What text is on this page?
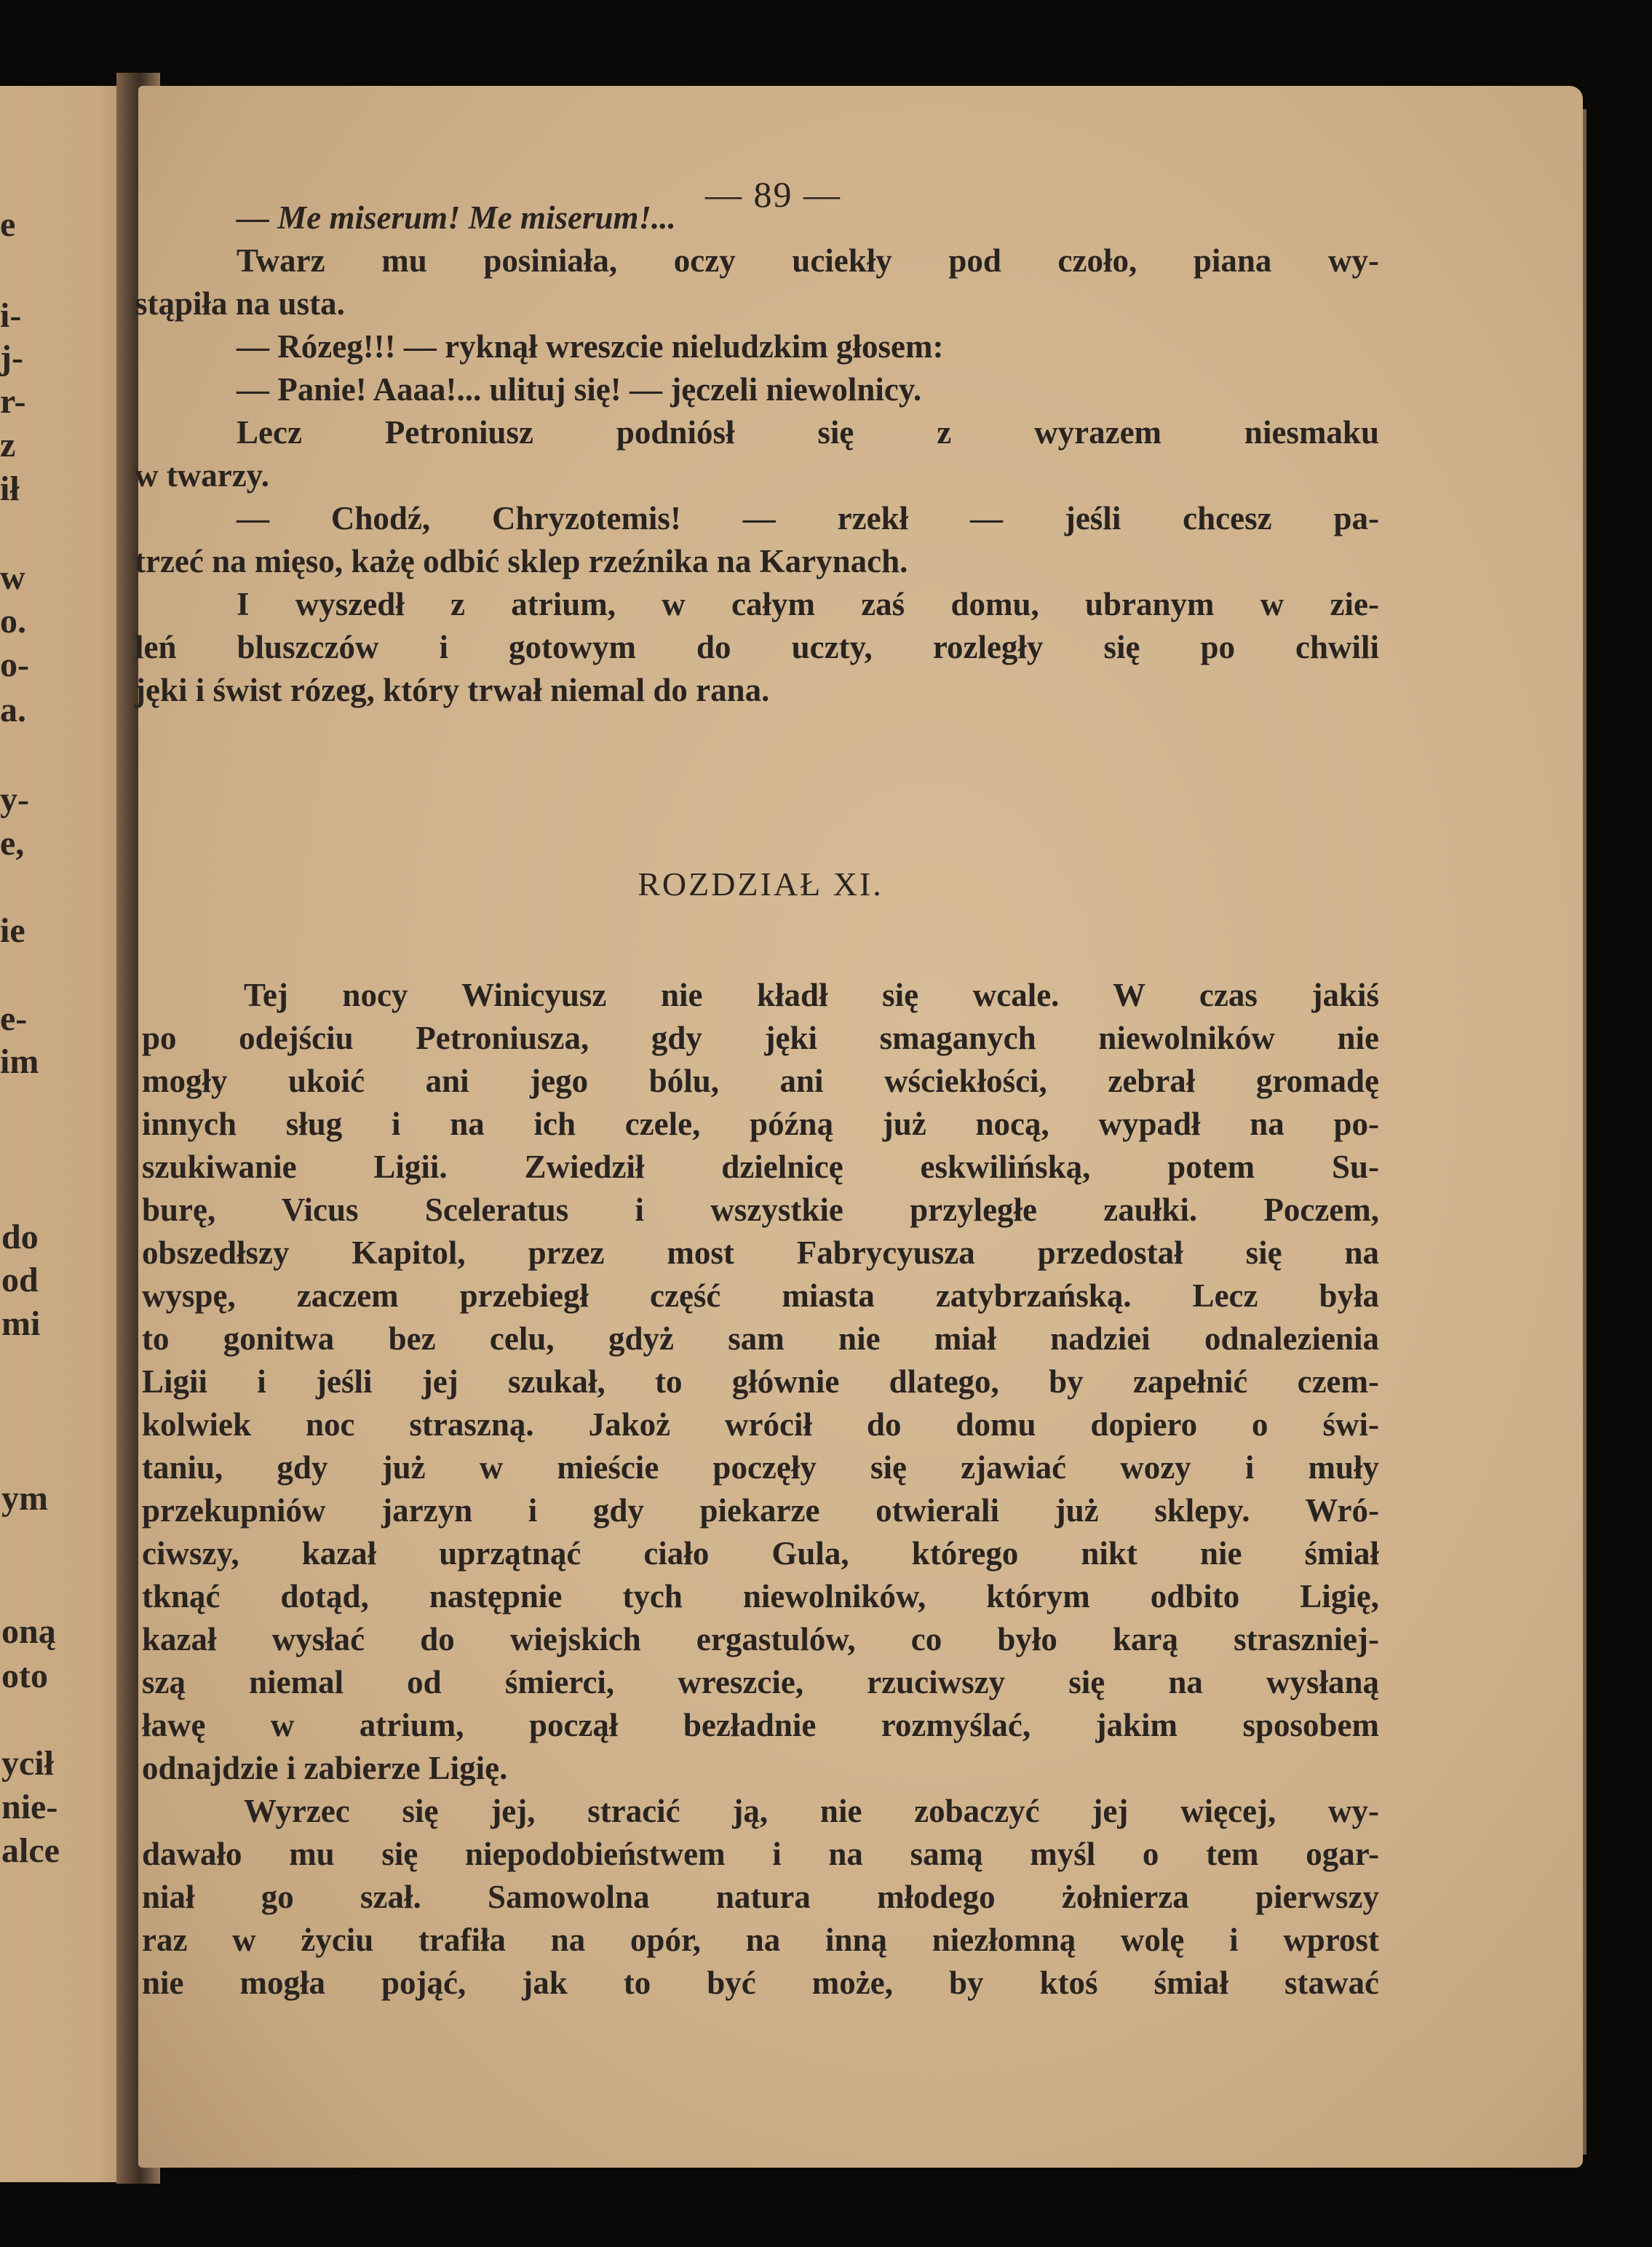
e
i-
j-
r-
z
ił
w
o.
o-
a.
y-
e,
ie
e-
im
do
od
mi
ym
oną
oto
ycił
nie-
alce
— 89 —
— Me miserum! Me miserum!...
Twarz mu posiniała, oczy uciekły pod czoło, piana wy-
stąpiła na usta.
— Rózeg!!! — ryknął wreszcie nieludzkim głosem:
— Panie! Aaaa!... ulituj się! — jęczeli niewolnicy.
Lecz Petroniusz podniósł się z wyrazem niesmaku
w twarzy.
— Chodź, Chryzotemis! — rzekł — jeśli chcesz pa-
trzeć na mięso, każę odbić sklep rzeźnika na Karynach.
I wyszedł z atrium, w całym zaś domu, ubranym w zie-
leń bluszczów i gotowym do uczty, rozległy się po chwili
jęki i świst rózeg, który trwał niemal do rana.
ROZDZIAŁ XI.
Tej nocy Winicyusz nie kładł się wcale. W czas jakiś
po odejściu Petroniusza, gdy jęki smaganych niewolników nie
mogły ukoić ani jego bólu, ani wściekłości, zebrał gromadę
innych sług i na ich czele, późną już nocą, wypadł na po-
szukiwanie Ligii. Zwiedził dzielnicę eskwilińską, potem Su-
burę, Vicus Sceleratus i wszystkie przyległe zaułki. Poczem,
obszedłszy Kapitol, przez most Fabrycyusza przedostał się na
wyspę, zaczem przebiegł część miasta zatybrzańską. Lecz była
to gonitwa bez celu, gdyż sam nie miał nadziei odnalezienia
Ligii i jeśli jej szukał, to głównie dlatego, by zapełnić czem-
kolwiek noc straszną. Jakoż wrócił do domu dopiero o świ-
taniu, gdy już w mieście poczęły się zjawiać wozy i muły
przekupniów jarzyn i gdy piekarze otwierali już sklepy. Wró-
ciwszy, kazał uprzątnąć ciało Gula, którego nikt nie śmiał
tknąć dotąd, następnie tych niewolników, którym odbito Ligię,
kazał wysłać do wiejskich ergastulów, co było karą straszniej-
szą niemal od śmierci, wreszcie, rzuciwszy się na wysłaną
ławę w atrium, począł bezładnie rozmyślać, jakim sposobem
odnajdzie i zabierze Ligię.
Wyrzec się jej, stracić ją, nie zobaczyć jej więcej, wy-
dawało mu się niepodobieństwem i na samą myśl o tem ogar-
niał go szał. Samowolna natura młodego żołnierza pierwszy
raz w życiu trafiła na opór, na inną niezłomną wolę i wprost
nie mogła pojąć, jak to być może, by ktoś śmiał stawać
